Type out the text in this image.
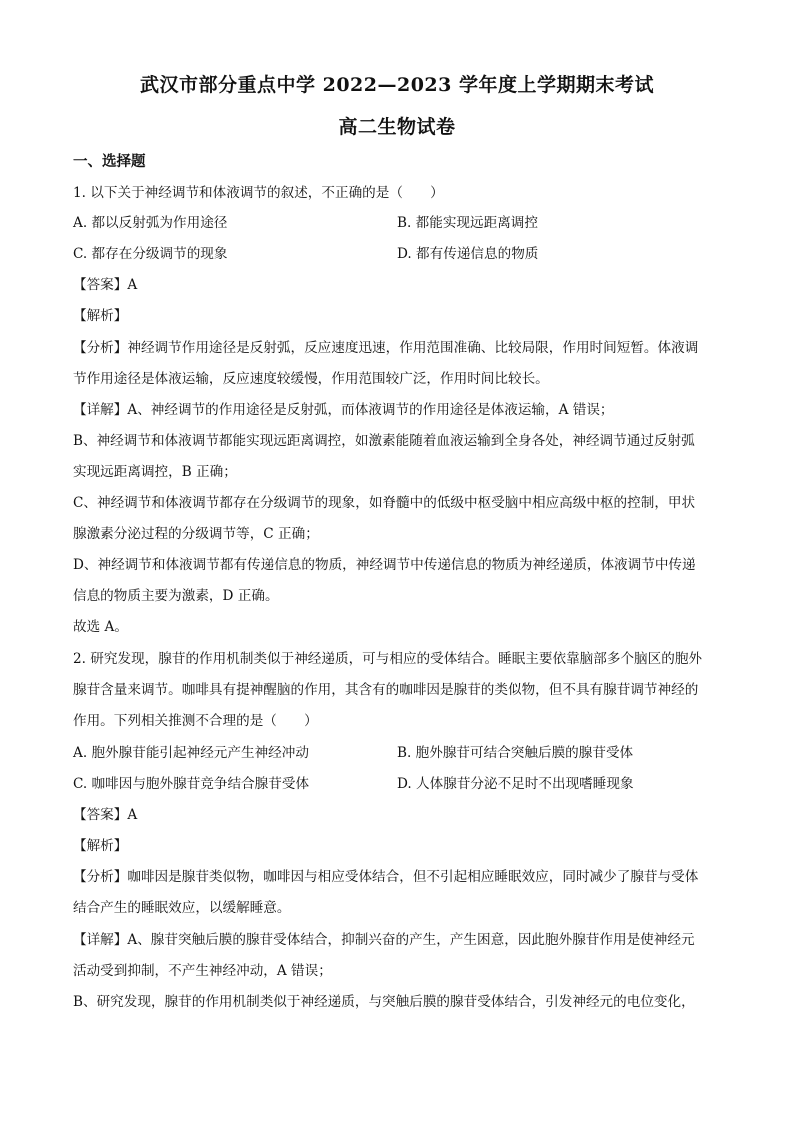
武汉市部分重点中学 2022—2023 学年度上学期期末考试
高二生物试卷
一、选择题
1. 以下关于神经调节和体液调节的叙述，不正确的是（　　）
A. 都以反射弧为作用途径	B. 都能实现远距离调控
C. 都存在分级调节的现象	D. 都有传递信息的物质
【答案】A
【解析】
【分析】神经调节作用途径是反射弧，反应速度迅速，作用范围准确、比较局限，作用时间短暂。体液调
节作用途径是体液运输，反应速度较缓慢，作用范围较广泛，作用时间比较长。
【详解】A、神经调节的作用途径是反射弧，而体液调节的作用途径是体液运输，A 错误；
B、神经调节和体液调节都能实现远距离调控，如激素能随着血液运输到全身各处，神经调节通过反射弧
实现远距离调控，B 正确；
C、神经调节和体液调节都存在分级调节的现象，如脊髓中的低级中枢受脑中相应高级中枢的控制，甲状
腺激素分泌过程的分级调节等，C 正确；
D、神经调节和体液调节都有传递信息的物质，神经调节中传递信息的物质为神经递质，体液调节中传递
信息的物质主要为激素，D 正确。
故选 A。
2. 研究发现，腺苷的作用机制类似于神经递质，可与相应的受体结合。睡眠主要依靠脑部多个脑区的胞外
腺苷含量来调节。咖啡具有提神醒脑的作用，其含有的咖啡因是腺苷的类似物，但不具有腺苷调节神经的
作用。下列相关推测不合理的是（　　）
A. 胞外腺苷能引起神经元产生神经冲动	B. 胞外腺苷可结合突触后膜的腺苷受体
C. 咖啡因与胞外腺苷竞争结合腺苷受体	D. 人体腺苷分泌不足时不出现嗜睡现象
【答案】A
【解析】
【分析】咖啡因是腺苷类似物，咖啡因与相应受体结合，但不引起相应睡眠效应，同时减少了腺苷与受体
结合产生的睡眠效应，以缓解睡意。
【详解】A、腺苷突触后膜的腺苷受体结合，抑制兴奋的产生，产生困意，因此胞外腺苷作用是使神经元
活动受到抑制，不产生神经冲动，A 错误；
B、研究发现，腺苷的作用机制类似于神经递质，与突触后膜的腺苷受体结合，引发神经元的电位变化，
